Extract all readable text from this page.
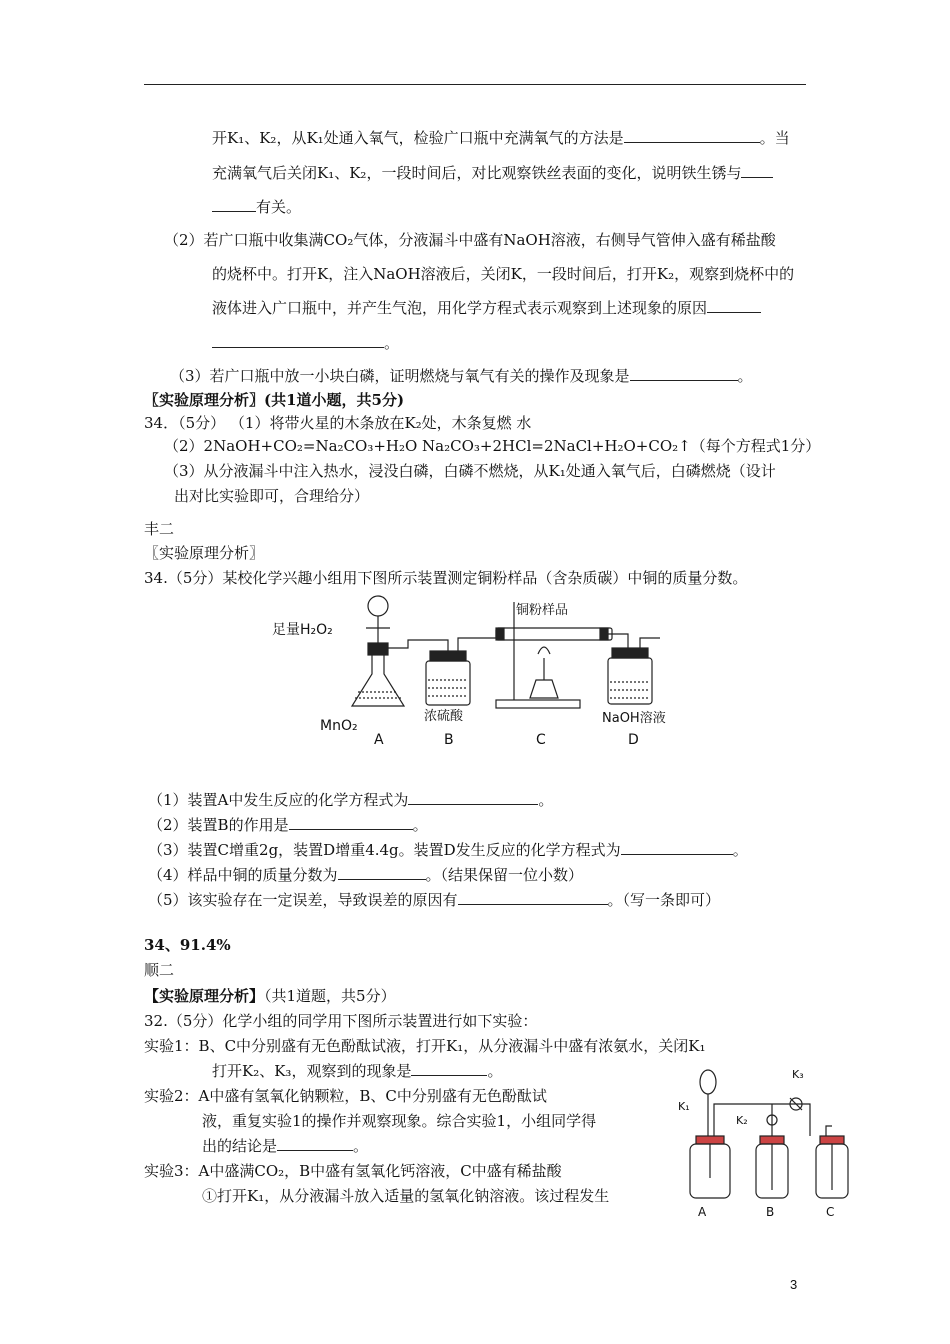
开K₁、K₂，从K₁处通入氧气，检验广口瓶中充满氧气的方法是	。当
充满氧气后关闭K₁、K₂，一段时间后，对比观察铁丝表面的变化，说明铁生锈与
有关。
（2）若广口瓶中收集满CO₂气体，分液漏斗中盛有NaOH溶液，右侧导气管伸入盛有稀盐酸
的烧杯中。打开K，注入NaOH溶液后，关闭K，一段时间后，打开K₂，观察到烧杯中的
液体进入广口瓶中，并产生气泡，用化学方程式表示观察到上述现象的原因
。
（3）若广口瓶中放一小块白磷，证明燃烧与氧气有关的操作及现象是	。
〖实验原理分析〗(共1道小题，共5分)
34．（5分） （1）将带火星的木条放在K₂处，木条复燃 水
（2）2NaOH+CO₂=Na₂CO₃+H₂O Na₂CO₃+2HCl=2NaCl+H₂O+CO₂↑（每个方程式1分）
（3）从分液漏斗中注入热水，浸没白磷，白磷不燃烧，从K₁处通入氧气后，白磷燃烧（设计
出对比实验即可，合理给分）
丰二
〖实验原理分析〗
34.（5分）某校化学兴趣小组用下图所示装置测定铜粉样品（含杂质碳）中铜的质量分数。
足量H₂O₂
铜粉样品
MnO₂
浓硫酸	NaOH溶液
A	B	C	D
（1）装置A中发生反应的化学方程式为	。
（2）装置B的作用是	。
（3）装置C增重2g，装置D增重4.4g。装置D发生反应的化学方程式为	。
（4）样品中铜的质量分数为	。（结果保留一位小数）
（5）该实验存在一定误差，导致误差的原因有	。（写一条即可）
34、91.4%
顺二
【实验原理分析】（共1道题，共5分）
32.（5分）化学小组的同学用下图所示装置进行如下实验：
实验1：B、C中分别盛有无色酚酞试液，打开K₁，从分液漏斗中盛有浓氨水，关闭K₁
打开K₂、K₃，观察到的现象是	。
实验2：A中盛有氢氧化钠颗粒，B、C中分别盛有无色酚酞试
液，重复实验1的操作并观察现象。综合实验1，小组同学得
出的结论是	。
实验3：A中盛满CO₂，B中盛有氢氧化钙溶液，C中盛有稀盐酸
①打开K₁，从分液漏斗放入适量的氢氧化钠溶液。该过程发生
K₃
K₁
K₂
A	B	C
3
